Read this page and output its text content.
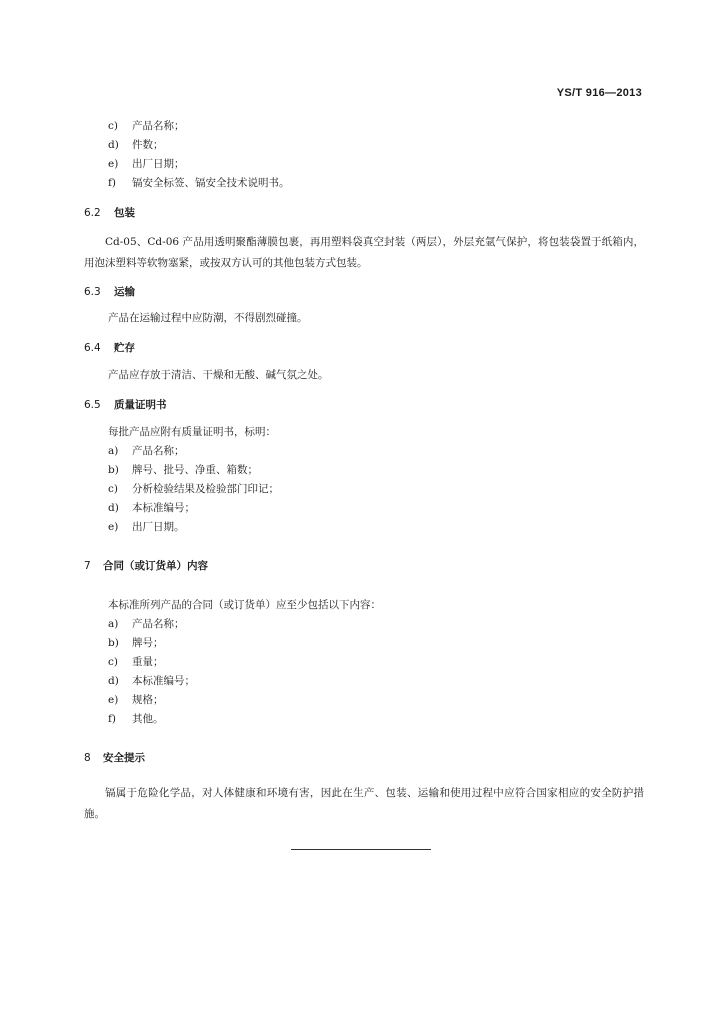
YS/T 916—2013
c) 产品名称；
d) 件数；
e) 出厂日期；
f) 镉安全标签、镉安全技术说明书。
6.2 包装
Cd-05、Cd-06 产品用透明聚酯薄膜包裹，再用塑料袋真空封装（两层），外层充氩气保护，将包装袋置于纸箱内，用泡沫塑料等软物塞紧，或按双方认可的其他包装方式包装。
6.3 运输
产品在运输过程中应防潮，不得剧烈碰撞。
6.4 贮存
产品应存放于清洁、干燥和无酸、碱气氛之处。
6.5 质量证明书
每批产品应附有质量证明书，标明：
a) 产品名称；
b) 牌号、批号、净重、箱数；
c) 分析检验结果及检验部门印记；
d) 本标准编号；
e) 出厂日期。
7 合同（或订货单）内容
本标准所列产品的合同（或订货单）应至少包括以下内容：
a) 产品名称；
b) 牌号；
c) 重量；
d) 本标准编号；
e) 规格；
f) 其他。
8 安全提示
镉属于危险化学品，对人体健康和环境有害，因此在生产、包装、运输和使用过程中应符合国家相应的安全防护措施。
